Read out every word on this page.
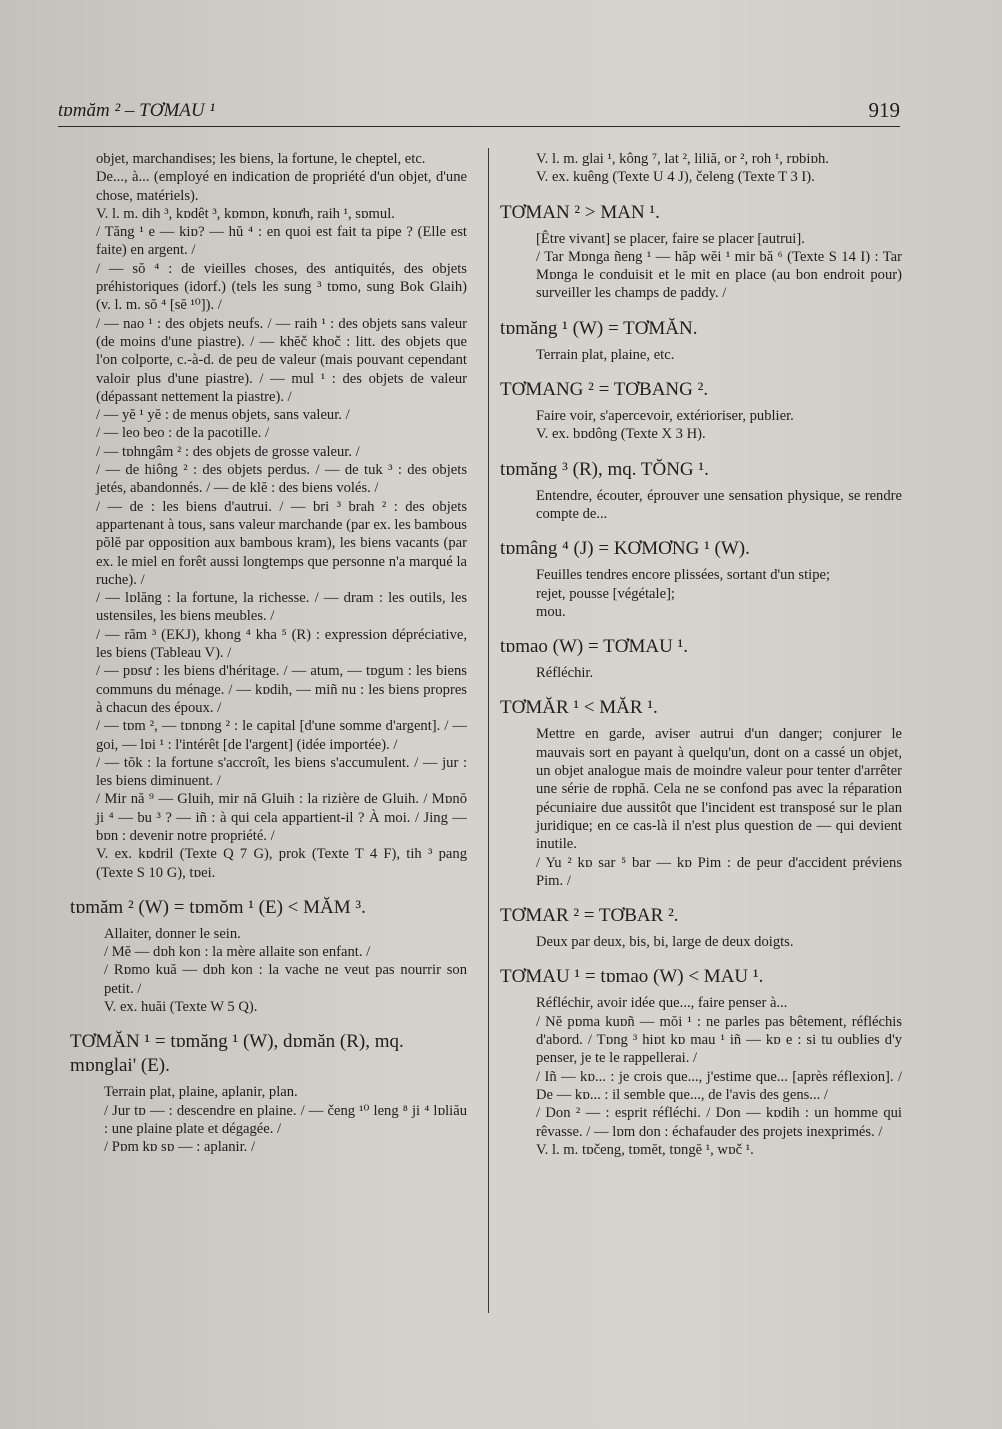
tɒmăm ² – TƠMAU ¹	919

objet, marchandises; les biens, la fortune, le cheptel, etc.

De..., à... (employé en indication de propriété d'un objet, d'une chose, matériels).

V. l. m. dih ³, kɒdêt ³, kɒmɒn, kɒnưh, raih ¹, sɒmul.

/ Tăng ¹ e — kiɒ? — hŭ ⁴ : en quoi est fait ta pipe ? (Elle est faite) en argent. /

/ — sŏ ⁴ : de vieilles choses, des antiquités, des objets préhistoriques (idorf.) (tels les sung ³ tɒmo, sung Bok Glaih) (v. l. m. sŏ ⁴ [sĕ ¹⁰]). /

/ — nao ¹ : des objets neufs. / — raih ¹ : des objets sans valeur (de moins d'une piastre). / — khĕč khoč : litt. des objets que l'on colporte, c.-à-d. de peu de valeur (mais pouvant cependant valoir plus d'une piastre). / — mul ¹ : des objets de valeur (dépassant nettement la piastre). /

/ — yĕ ¹ yĕ : de menus objets, sans valeur. /

/ — leo beo : de la pacotille. /

/ — tɒhngâm ² : des objets de grosse valeur. /

/ — de hiông ² : des objets perdus. / — de tuk ³ : des objets jetés, abandonnés. / — de klĕ : des biens volés. /

/ — de : les biens d'autrui. / — bri ³ brah ² : des objets appartenant à tous, sans valeur marchande (par ex. les bambous pŏlĕ par opposition aux bambous kram), les biens vacants (par ex. le miel en forêt aussi longtemps que personne n'a marqué la ruche). /

/ — lɒlăng : la fortune, la richesse. / — dram : les outils, les ustensiles, les biens meubles. /

/ — răm ³ (EKJ), khong ⁴ kha ⁵ (R) : expression dépréciative, les biens (Tableau V). /

/ — pɒsư : les biens d'héritage. / — atum, — tɒgum : les biens communs du ménage. / — kɒdih, — miñ nu : les biens propres à chacun des époux. /

/ — tɒm ², — tɒnɒng ² : le capital [d'une somme d'argent]. / — goi, — lɒi ¹ : l'intérêt [de l'argent] (idée importée). /

/ — tŏk : la fortune s'accroît, les biens s'accumulent. / — jur : les biens diminuent. /

/ Mir nă ⁹ — Gluih, mir nă Gluih : la rizière de Gluih. / Mɒnŏ ji ⁴ — bu ³ ? — iñ : à qui cela appartient-il ? À moi. / Jing — bɒn : devenir notre propriété. /

V. ex. kɒdril (Texte Q 7 G), prok (Texte T 4 F), tih ³ pang (Texte S 10 G), tɒei.

tɒmăm ² (W) = tɒmŏm ¹ (E) < MĂM ³.

Allaiter, donner le sein.

/ Mĕ — dɒh kon : la mère allaite son enfant. /

/ Rɒmo kuă — dɒh kon : la vache ne veut pas nourrir son petit. /

V. ex. huăi (Texte W 5 Q).

TƠMĂN ¹ = tɒmăng ¹ (W), dɒmăn (R), mq. mɒnglai' (E).

Terrain plat, plaine, aplanir, plan.

/ Jur tɒ — : descendre en plaine. / — čeng ¹⁰ leng ⁸ ji ⁴ lɒliău : une plaine plate et dégagée. /

/ Pɒm kɒ sɒ — : aplanir. /

V. l. m. glai ¹, kông ⁷, lat ², liliă, or ², roh ¹, rɒbiɒh.

V. ex. kuêng (Texte U 4 J), čeleng (Texte T 3 I).

TƠMAN ² > MAN ¹.

[Être vivant] se placer, faire se placer [autrui].

/ Tar Mɒnga ñeng ¹ — hăp wĕi ¹ mir bă ⁶ (Texte S 14 I) : Tar Mɒnga le conduisit et le mit en place (au bon endroit pour) surveiller les champs de paddy. /

tɒmăng ¹ (W) = TƠMĂN.

Terrain plat, plaine, etc.

TƠMANG ² = TƠBANG ².

Faire voir, s'apercevoir, extérioriser, publier.

V. ex. bɒdông (Texte X 3 H).

tɒmăng ³ (R), mq. TŎNG ¹.

Entendre, écouter, éprouver une sensation physique, se rendre compte de...

tɒmâng ⁴ (J) = KƠMƠNG ¹ (W).

Feuilles tendres encore plissées, sortant d'un stipe;

rejet, pousse [végétale];

mou.

tɒmao (W) = TƠMAU ¹.

Réfléchir.

TƠMĂR ¹ < MĂR ¹.

Mettre en garde, aviser autrui d'un danger; conjurer le mauvais sort en payant à quelqu'un, dont on a cassé un objet, un objet analogue mais de moindre valeur pour tenter d'arrêter une série de rɒphă. Cela ne se confond pas avec la réparation pécuniaire due aussitôt que l'incident est transposé sur le plan juridique; en ce cas-là il n'est plus question de — qui devient inutile.

/ Yu ² kɒ sar ⁵ bar — kɒ Pim : de peur d'accident préviens Pim. /

TƠMAR ² = TƠBAR ².

Deux par deux, bis, bi, large de deux doigts.

TƠMAU ¹ = tɒmao (W) < MAU ¹.

Réfléchir, avoir idée que..., faire penser à...

/ Nĕ pɒma kuɒñ — mŏi ¹ : ne parles pas bêtement, réfléchis d'abord. / Tɒng ³ hiɒt kɒ mau ¹ iñ — kɒ e : si tu oublies d'y penser, je te le rappellerai. /

/ Iñ — kɒ... : je crois que..., j'estime que... [après réflexion]. / De — kɒ... : il semble que..., de l'avis des gens... /

/ Don ² — : esprit réfléchi. / Don — kɒdih : un homme qui rêvasse. / — lɒm don : échafauder des projets inexprimés. /

V. l. m. tɒčeng, tɒmĕt, tɒngĕ ¹, wɒč ¹.
